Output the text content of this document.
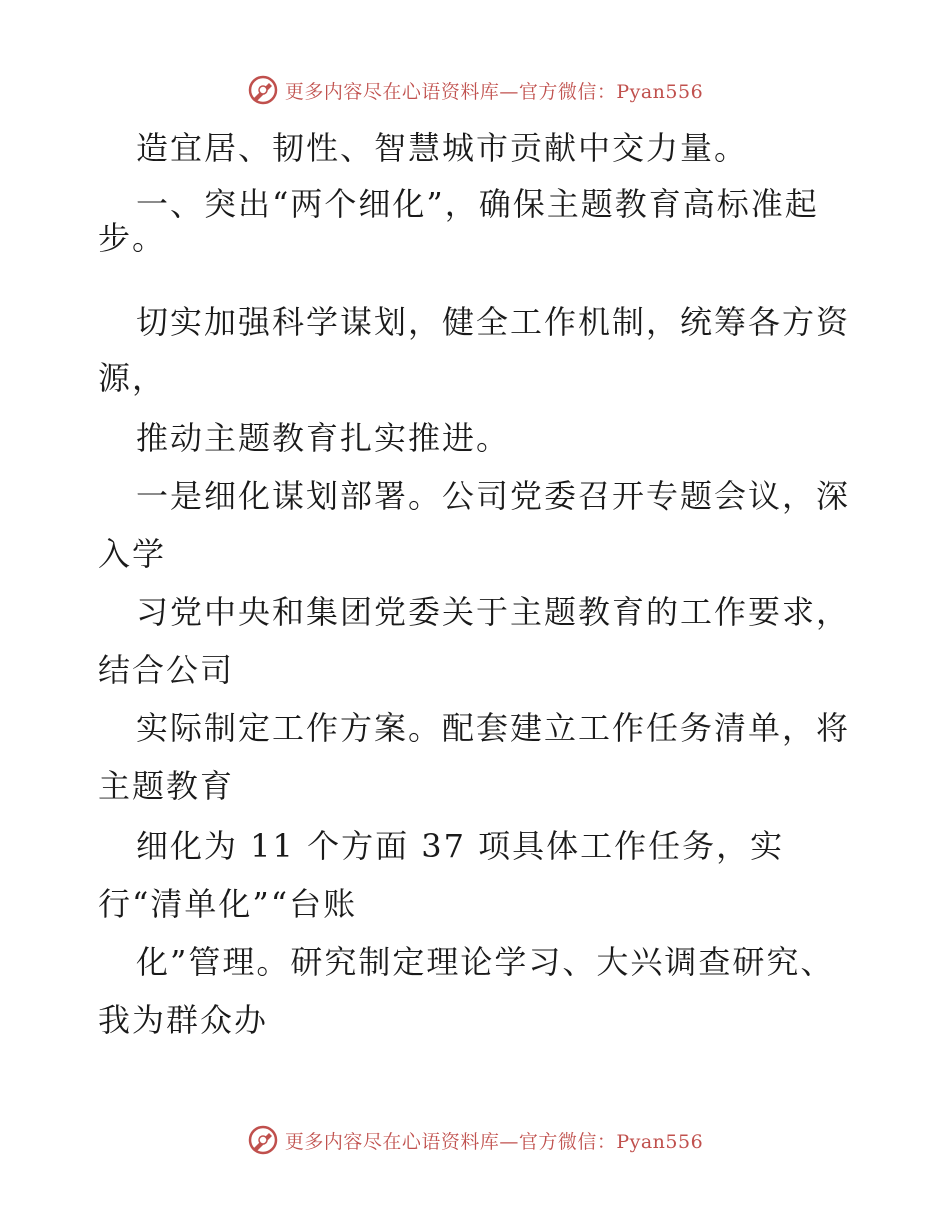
更多内容尽在心语资料库—官方微信：Pyan556
造宜居、韧性、智慧城市贡献中交力量。
一、突出“两个细化”，确保主题教育高标准起
步。
切实加强科学谋划，健全工作机制，统筹各方资
源，
推动主题教育扎实推进。
一是细化谋划部署。公司党委召开专题会议，深
入学
习党中央和集团党委关于主题教育的工作要求，
结合公司
实际制定工作方案。配套建立工作任务清单，将
主题教育
细化为 11 个方面 37 项具体工作任务，实
行“清单化”“台账
化”管理。研究制定理论学习、大兴调查研究、
我为群众办
更多内容尽在心语资料库—官方微信：Pyan556
